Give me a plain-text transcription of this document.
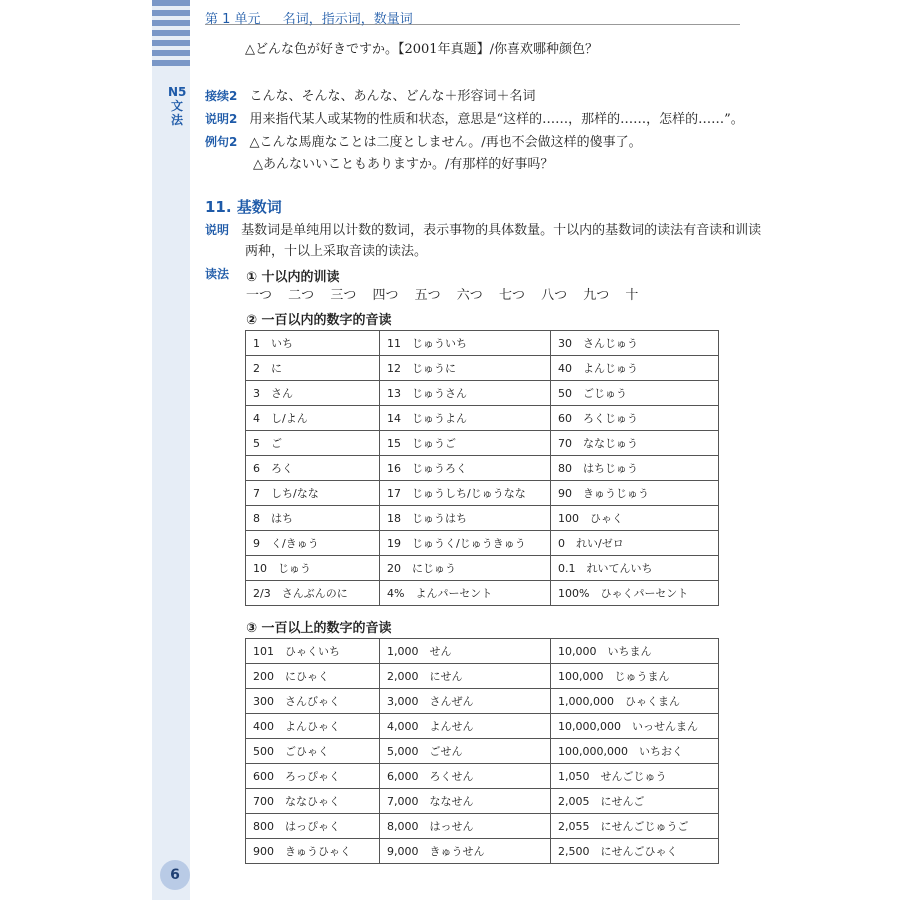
N5文法
6
第 1 单元 名词，指示词，数量词
△どんな色が好きですか。【2001年真题】/你喜欢哪种颜色？
接续2 こんな、そんな、あんな、どんな＋形容词＋名词
说明2 用来指代某人或某物的性质和状态，意思是“这样的……，那样的……，怎样的……”。
例句2 △こんな馬鹿なことは二度としません。/再也不会做这样的傻事了。
△あんないいこともありますか。/有那样的好事吗？
11. 基数词
说明 基数词是单纯用以计数的数词，表示事物的具体数量。十以内的基数词的读法有音读和训读
两种，十以上采取音读的读法。
读法	① 十以内的训读
一つ 二つ 三つ 四つ 五つ 六つ 七つ 八つ 九つ 十
② 一百以内的数字的音读
1　いち	11　じゅういち	30　さんじゅう
2　に	12　じゅうに	40　よんじゅう
3　さん	13　じゅうさん	50　ごじゅう
4　し/よん	14　じゅうよん	60　ろくじゅう
5　ご	15　じゅうご	70　ななじゅう
6　ろく	16　じゅうろく	80　はちじゅう
7　しち/なな	17　じゅうしち/じゅうなな	90　きゅうじゅう
8　はち	18　じゅうはち	100　ひゃく
9　く/きゅう	19　じゅうく/じゅうきゅう	0　れい/ゼロ
10　じゅう	20　にじゅう	0.1　れいてんいち
2/3　さんぶんのに	4%　よんパーセント	100%　ひゃくパーセント
③ 一百以上的数字的音读
101　ひゃくいち	1,000　せん	10,000　いちまん
200　にひゃく	2,000　にせん	100,000　じゅうまん
300　さんびゃく	3,000　さんぜん	1,000,000　ひゃくまん
400　よんひゃく	4,000　よんせん	10,000,000　いっせんまん
500　ごひゃく	5,000　ごせん	100,000,000　いちおく
600　ろっぴゃく	6,000　ろくせん	1,050　せんごじゅう
700　ななひゃく	7,000　ななせん	2,005　にせんご
800　はっぴゃく	8,000　はっせん	2,055　にせんごじゅうご
900　きゅうひゃく	9,000　きゅうせん	2,500　にせんごひゃく
